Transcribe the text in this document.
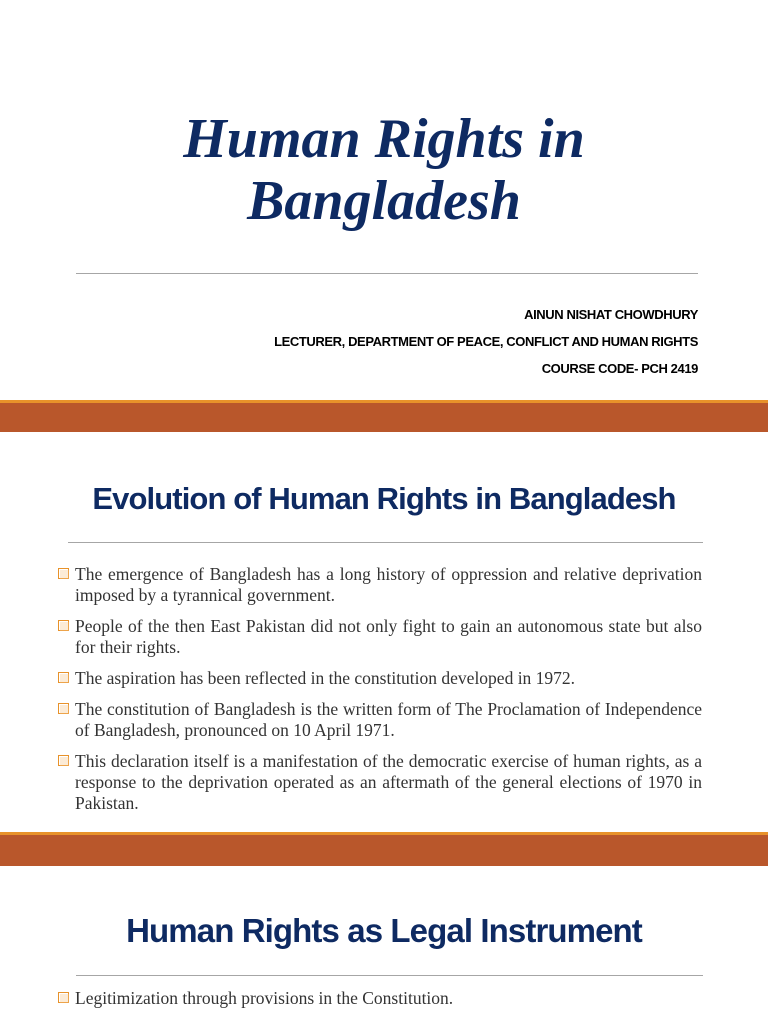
Human Rights in
Bangladesh
AINUN NISHAT CHOWDHURY
LECTURER, DEPARTMENT OF PEACE, CONFLICT AND HUMAN RIGHTS
COURSE CODE- PCH 2419
Evolution of Human Rights in Bangladesh
The emergence of Bangladesh has a long history of oppression and relative deprivation imposed by a tyrannical government.
People of the then East Pakistan did not only fight to gain an autonomous state but also for their rights.
The aspiration has been reflected in the constitution developed in 1972.
The constitution of Bangladesh is the written form of The Proclamation of Independence of Bangladesh, pronounced on 10 April 1971.
This declaration itself is a manifestation of the democratic exercise of human rights, as a response to the deprivation operated as an aftermath of the general elections of 1970 in Pakistan.
Human Rights as Legal Instrument
Legitimization through provisions in the Constitution.
